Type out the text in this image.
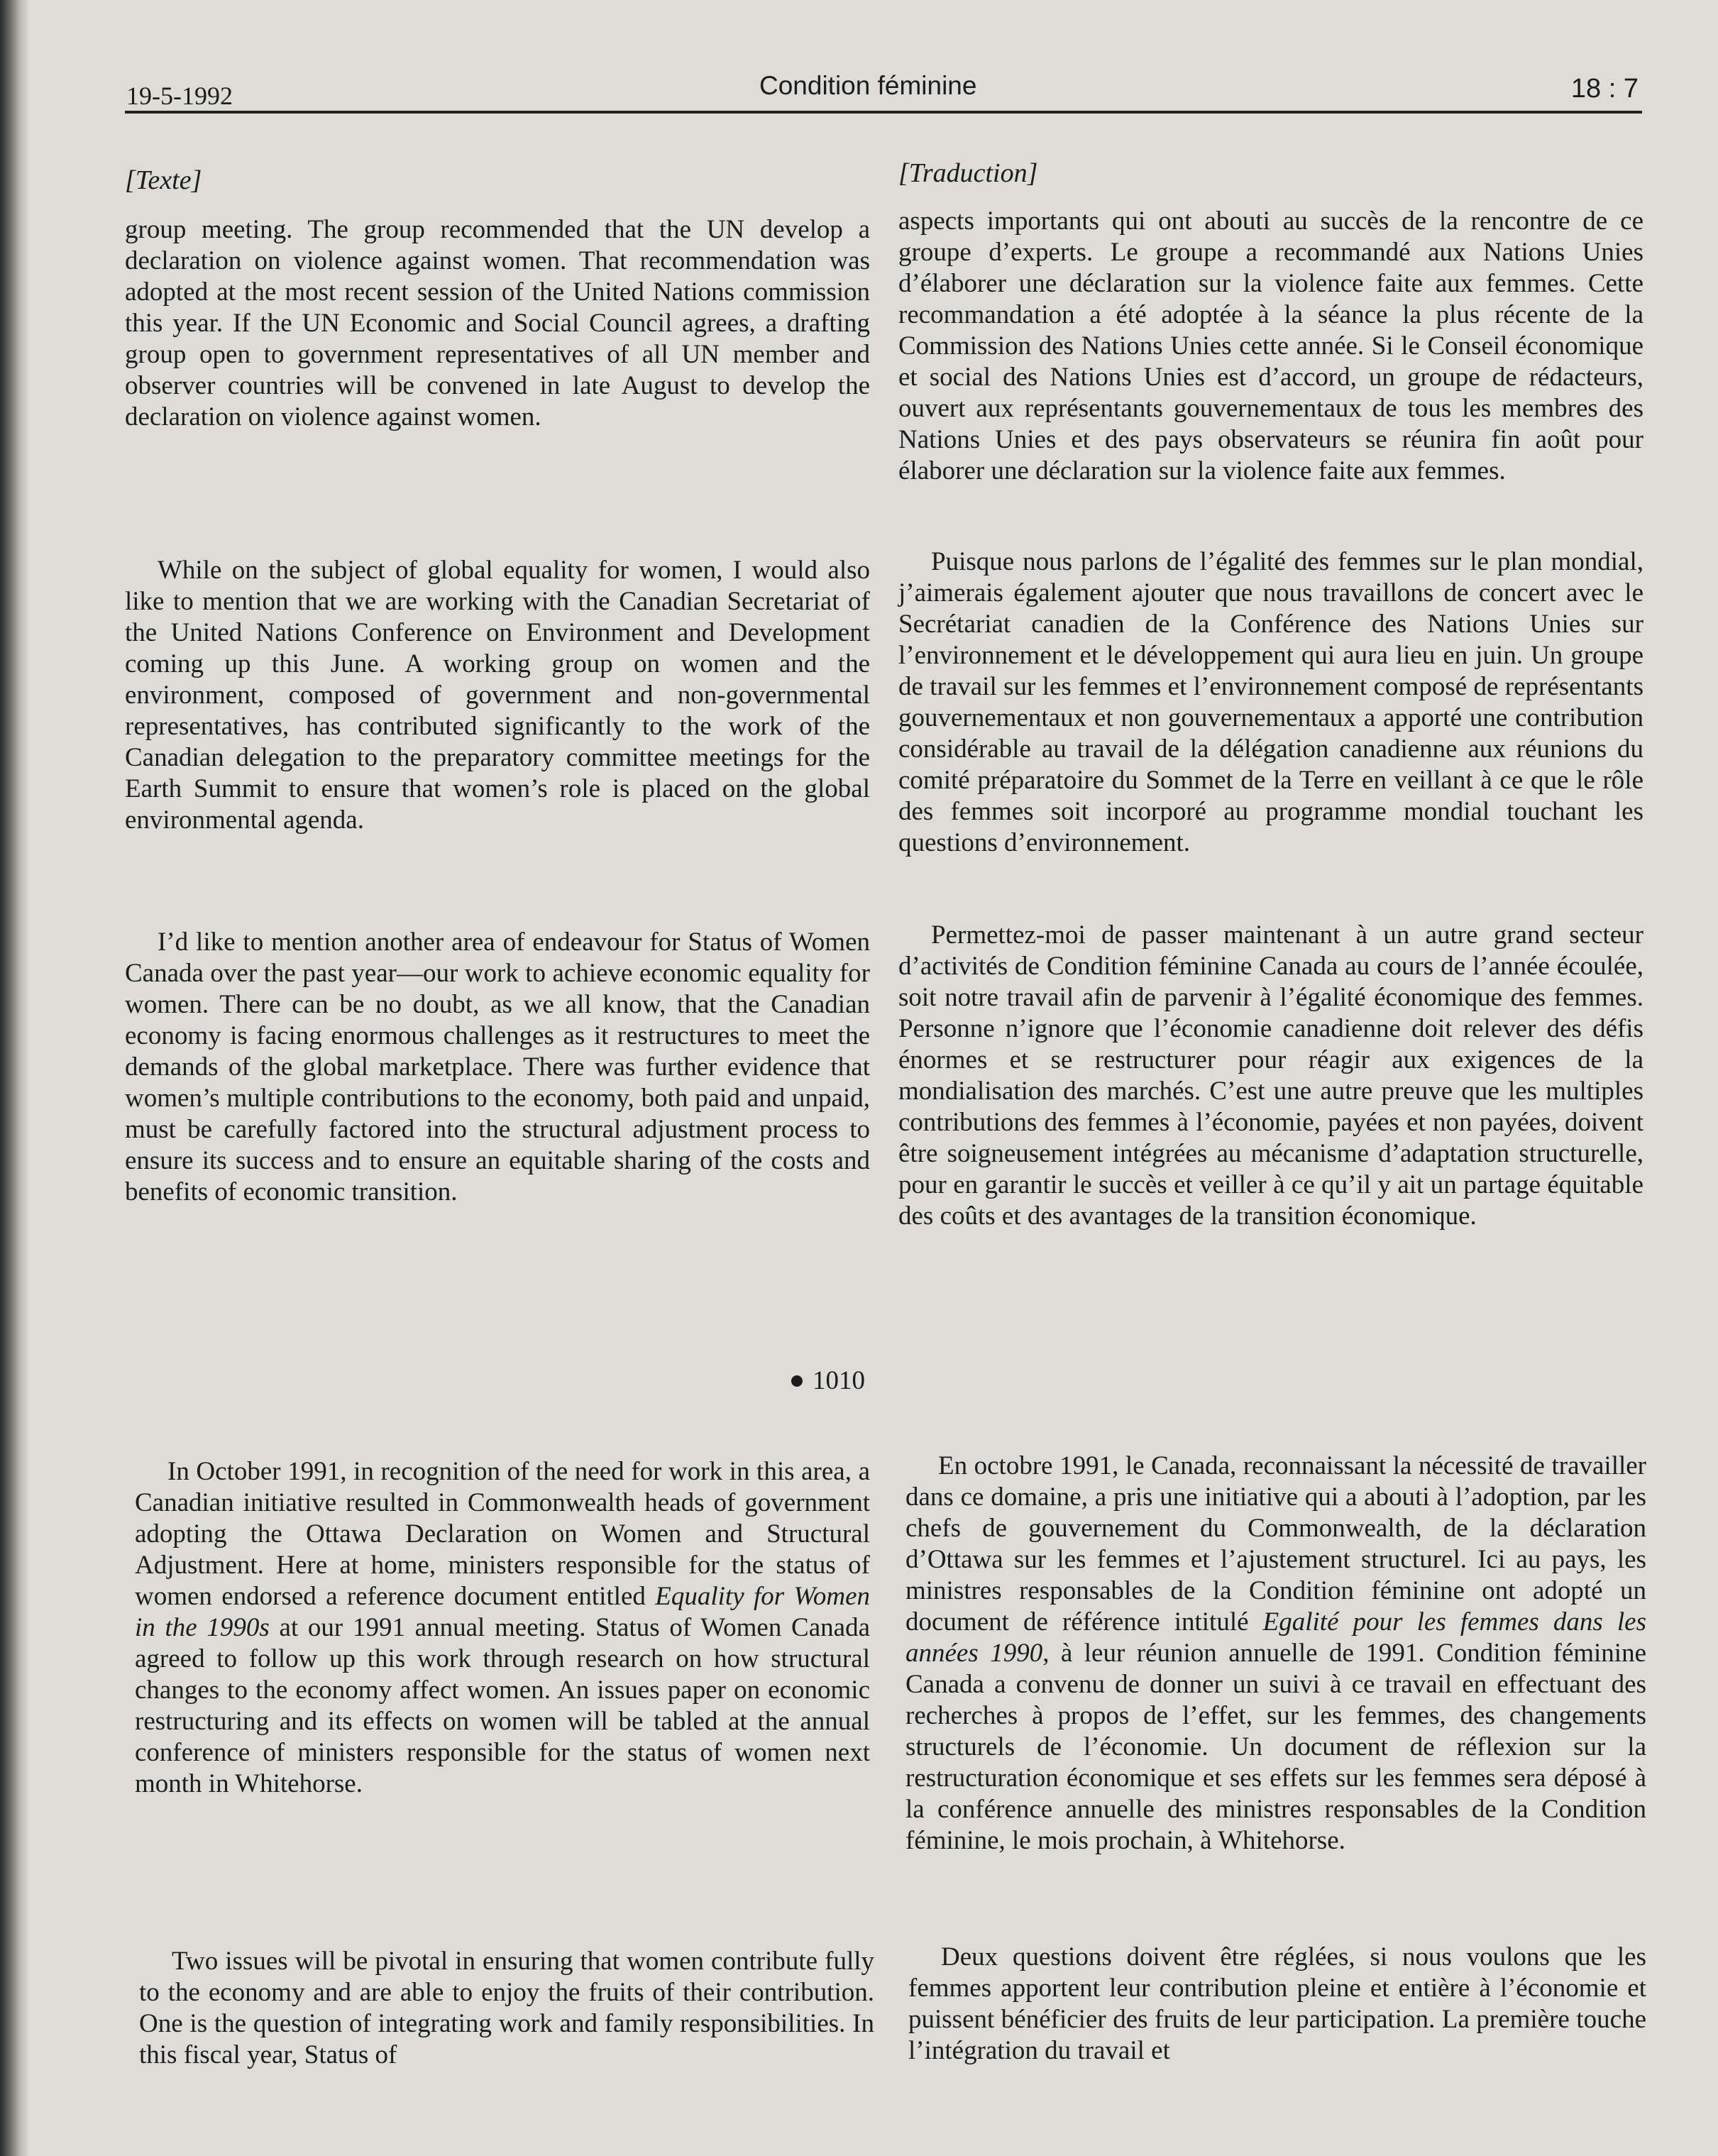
19-5-1992	Condition féminine	18 : 7
[Texte]	[Traduction]

group meeting. The group recommended that the UN develop a declaration on violence against women. That recommendation was adopted at the most recent session of the United Nations commission this year. If the UN Economic and Social Council agrees, a drafting group open to government representatives of all UN member and observer countries will be convened in late August to develop the declaration on violence against women.

While on the subject of global equality for women, I would also like to mention that we are working with the Canadian Secretariat of the United Nations Conference on Environment and Development coming up this June. A working group on women and the environment, composed of government and non-governmental representatives, has contributed significantly to the work of the Canadian delegation to the preparatory committee meetings for the Earth Summit to ensure that women’s role is placed on the global environmental agenda.

I’d like to mention another area of endeavour for Status of Women Canada over the past year—our work to achieve economic equality for women. There can be no doubt, as we all know, that the Canadian economy is facing enormous challenges as it restructures to meet the demands of the global marketplace. There was further evidence that women’s multiple contributions to the economy, both paid and unpaid, must be carefully factored into the structural adjustment process to ensure its success and to ensure an equitable sharing of the costs and benefits of economic transition.

1010

In October 1991, in recognition of the need for work in this area, a Canadian initiative resulted in Commonwealth heads of government adopting the Ottawa Declaration on Women and Structural Adjustment. Here at home, ministers responsible for the status of women endorsed a reference document entitled Equality for Women in the 1990s at our 1991 annual meeting. Status of Women Canada agreed to follow up this work through research on how structural changes to the economy affect women. An issues paper on economic restructuring and its effects on women will be tabled at the annual conference of ministers responsible for the status of women next month in Whitehorse.

Two issues will be pivotal in ensuring that women contribute fully to the economy and are able to enjoy the fruits of their contribution. One is the question of integrating work and family responsibilities. In this fiscal year, Status of

aspects importants qui ont abouti au succès de la rencontre de ce groupe d’experts. Le groupe a recommandé aux Nations Unies d’élaborer une déclaration sur la violence faite aux femmes. Cette recommandation a été adoptée à la séance la plus récente de la Commission des Nations Unies cette année. Si le Conseil économique et social des Nations Unies est d’accord, un groupe de rédacteurs, ouvert aux représentants gouvernementaux de tous les membres des Nations Unies et des pays observateurs se réunira fin août pour élaborer une déclaration sur la violence faite aux femmes.

Puisque nous parlons de l’égalité des femmes sur le plan mondial, j’aimerais également ajouter que nous travaillons de concert avec le Secrétariat canadien de la Conférence des Nations Unies sur l’environnement et le développement qui aura lieu en juin. Un groupe de travail sur les femmes et l’environnement composé de représentants gouvernementaux et non gouvernementaux a apporté une contribution considérable au travail de la délégation canadienne aux réunions du comité préparatoire du Sommet de la Terre en veillant à ce que le rôle des femmes soit incorporé au programme mondial touchant les questions d’environnement.

Permettez-moi de passer maintenant à un autre grand secteur d’activités de Condition féminine Canada au cours de l’année écoulée, soit notre travail afin de parvenir à l’égalité économique des femmes. Personne n’ignore que l’économie canadienne doit relever des défis énormes et se restructurer pour réagir aux exigences de la mondialisation des marchés. C’est une autre preuve que les multiples contributions des femmes à l’économie, payées et non payées, doivent être soigneusement intégrées au mécanisme d’adaptation structurelle, pour en garantir le succès et veiller à ce qu’il y ait un partage équitable des coûts et des avantages de la transition économique.

En octobre 1991, le Canada, reconnaissant la nécessité de travailler dans ce domaine, a pris une initiative qui a abouti à l’adoption, par les chefs de gouvernement du Commonwealth, de la déclaration d’Ottawa sur les femmes et l’ajustement structurel. Ici au pays, les ministres responsables de la Condition féminine ont adopté un document de référence intitulé Egalité pour les femmes dans les années 1990, à leur réunion annuelle de 1991. Condition féminine Canada a convenu de donner un suivi à ce travail en effectuant des recherches à propos de l’effet, sur les femmes, des changements structurels de l’économie. Un document de réflexion sur la restructuration économique et ses effets sur les femmes sera déposé à la conférence annuelle des ministres responsables de la Condition féminine, le mois prochain, à Whitehorse.

Deux questions doivent être réglées, si nous voulons que les femmes apportent leur contribution pleine et entière à l’économie et puissent bénéficier des fruits de leur participation. La première touche l’intégration du travail et
